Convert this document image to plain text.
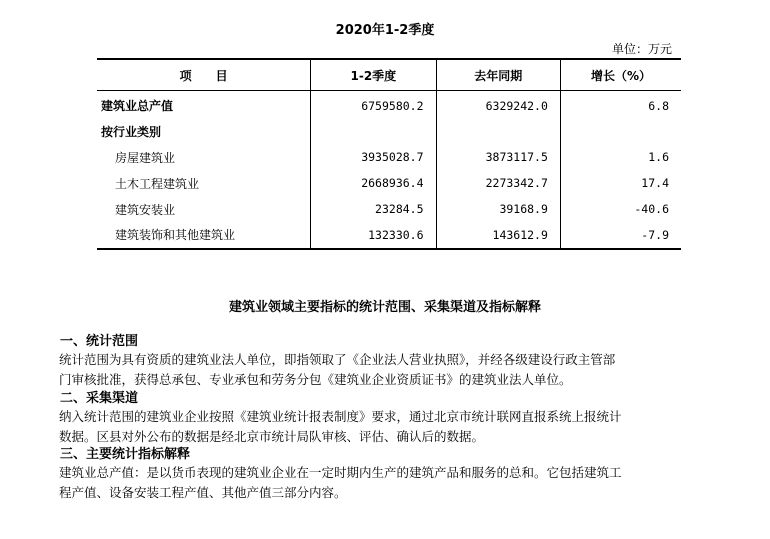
2020年1-2季度
单位：万元
项　　目	1-2季度	去年同期	增长（%）
建筑业总产值	6759580.2	6329242.0	6.8
按行业类别			
房屋建筑业	3935028.7	3873117.5	1.6
土木工程建筑业	2668936.4	2273342.7	17.4
建筑安装业	23284.5	39168.9	-40.6
建筑装饰和其他建筑业	132330.6	143612.9	-7.9
建筑业领域主要指标的统计范围、采集渠道及指标解释
一、统计范围
统计范围为具有资质的建筑业法人单位，即指领取了《企业法人营业执照》，并经各级建设行政主管部
门审核批准，获得总承包、专业承包和劳务分包《建筑业企业资质证书》的建筑业法人单位。
二、采集渠道
纳入统计范围的建筑业企业按照《建筑业统计报表制度》要求，通过北京市统计联网直报系统上报统计
数据。区县对外公布的数据是经北京市统计局队审核、评估、确认后的数据。
三、主要统计指标解释
建筑业总产值：是以货币表现的建筑业企业在一定时期内生产的建筑产品和服务的总和。它包括建筑工
程产值、设备安装工程产值、其他产值三部分内容。
